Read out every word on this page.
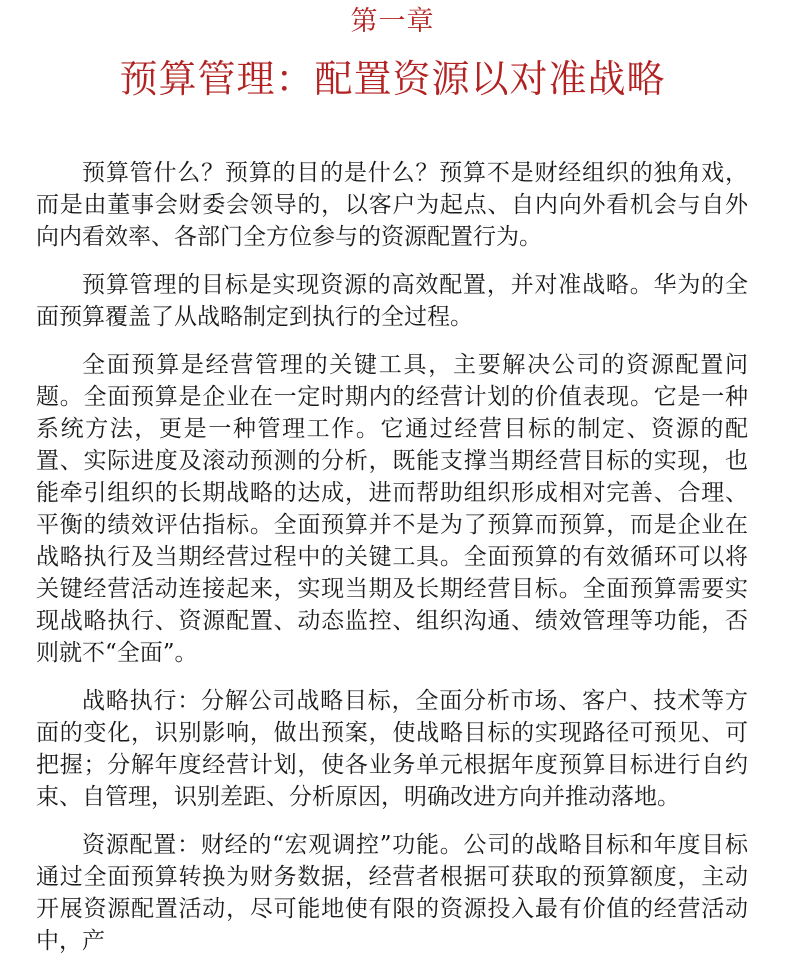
第一章
预算管理：配置资源以对准战略

预算管什么？预算的目的是什么？预算不是财经组织的独角戏，而是由董事会财委会领导的，以客户为起点、自内向外看机会与自外向内看效率、各部门全方位参与的资源配置行为。

预算管理的目标是实现资源的高效配置，并对准战略。华为的全面预算覆盖了从战略制定到执行的全过程。

全面预算是经营管理的关键工具，主要解决公司的资源配置问题。全面预算是企业在一定时期内的经营计划的价值表现。它是一种系统方法，更是一种管理工作。它通过经营目标的制定、资源的配置、实际进度及滚动预测的分析，既能支撑当期经营目标的实现，也能牵引组织的长期战略的达成，进而帮助组织形成相对完善、合理、平衡的绩效评估指标。全面预算并不是为了预算而预算，而是企业在战略执行及当期经营过程中的关键工具。全面预算的有效循环可以将关键经营活动连接起来，实现当期及长期经营目标。全面预算需要实现战略执行、资源配置、动态监控、组织沟通、绩效管理等功能，否则就不“全面”。

战略执行：分解公司战略目标，全面分析市场、客户、技术等方面的变化，识别影响，做出预案，使战略目标的实现路径可预见、可把握；分解年度经营计划，使各业务单元根据年度预算目标进行自约束、自管理，识别差距、分析原因，明确改进方向并推动落地。

资源配置：财经的“宏观调控”功能。公司的战略目标和年度目标通过全面预算转换为财务数据，经营者根据可获取的预算额度，主动开展资源配置活动，尽可能地使有限的资源投入最有价值的经营活动中，产
